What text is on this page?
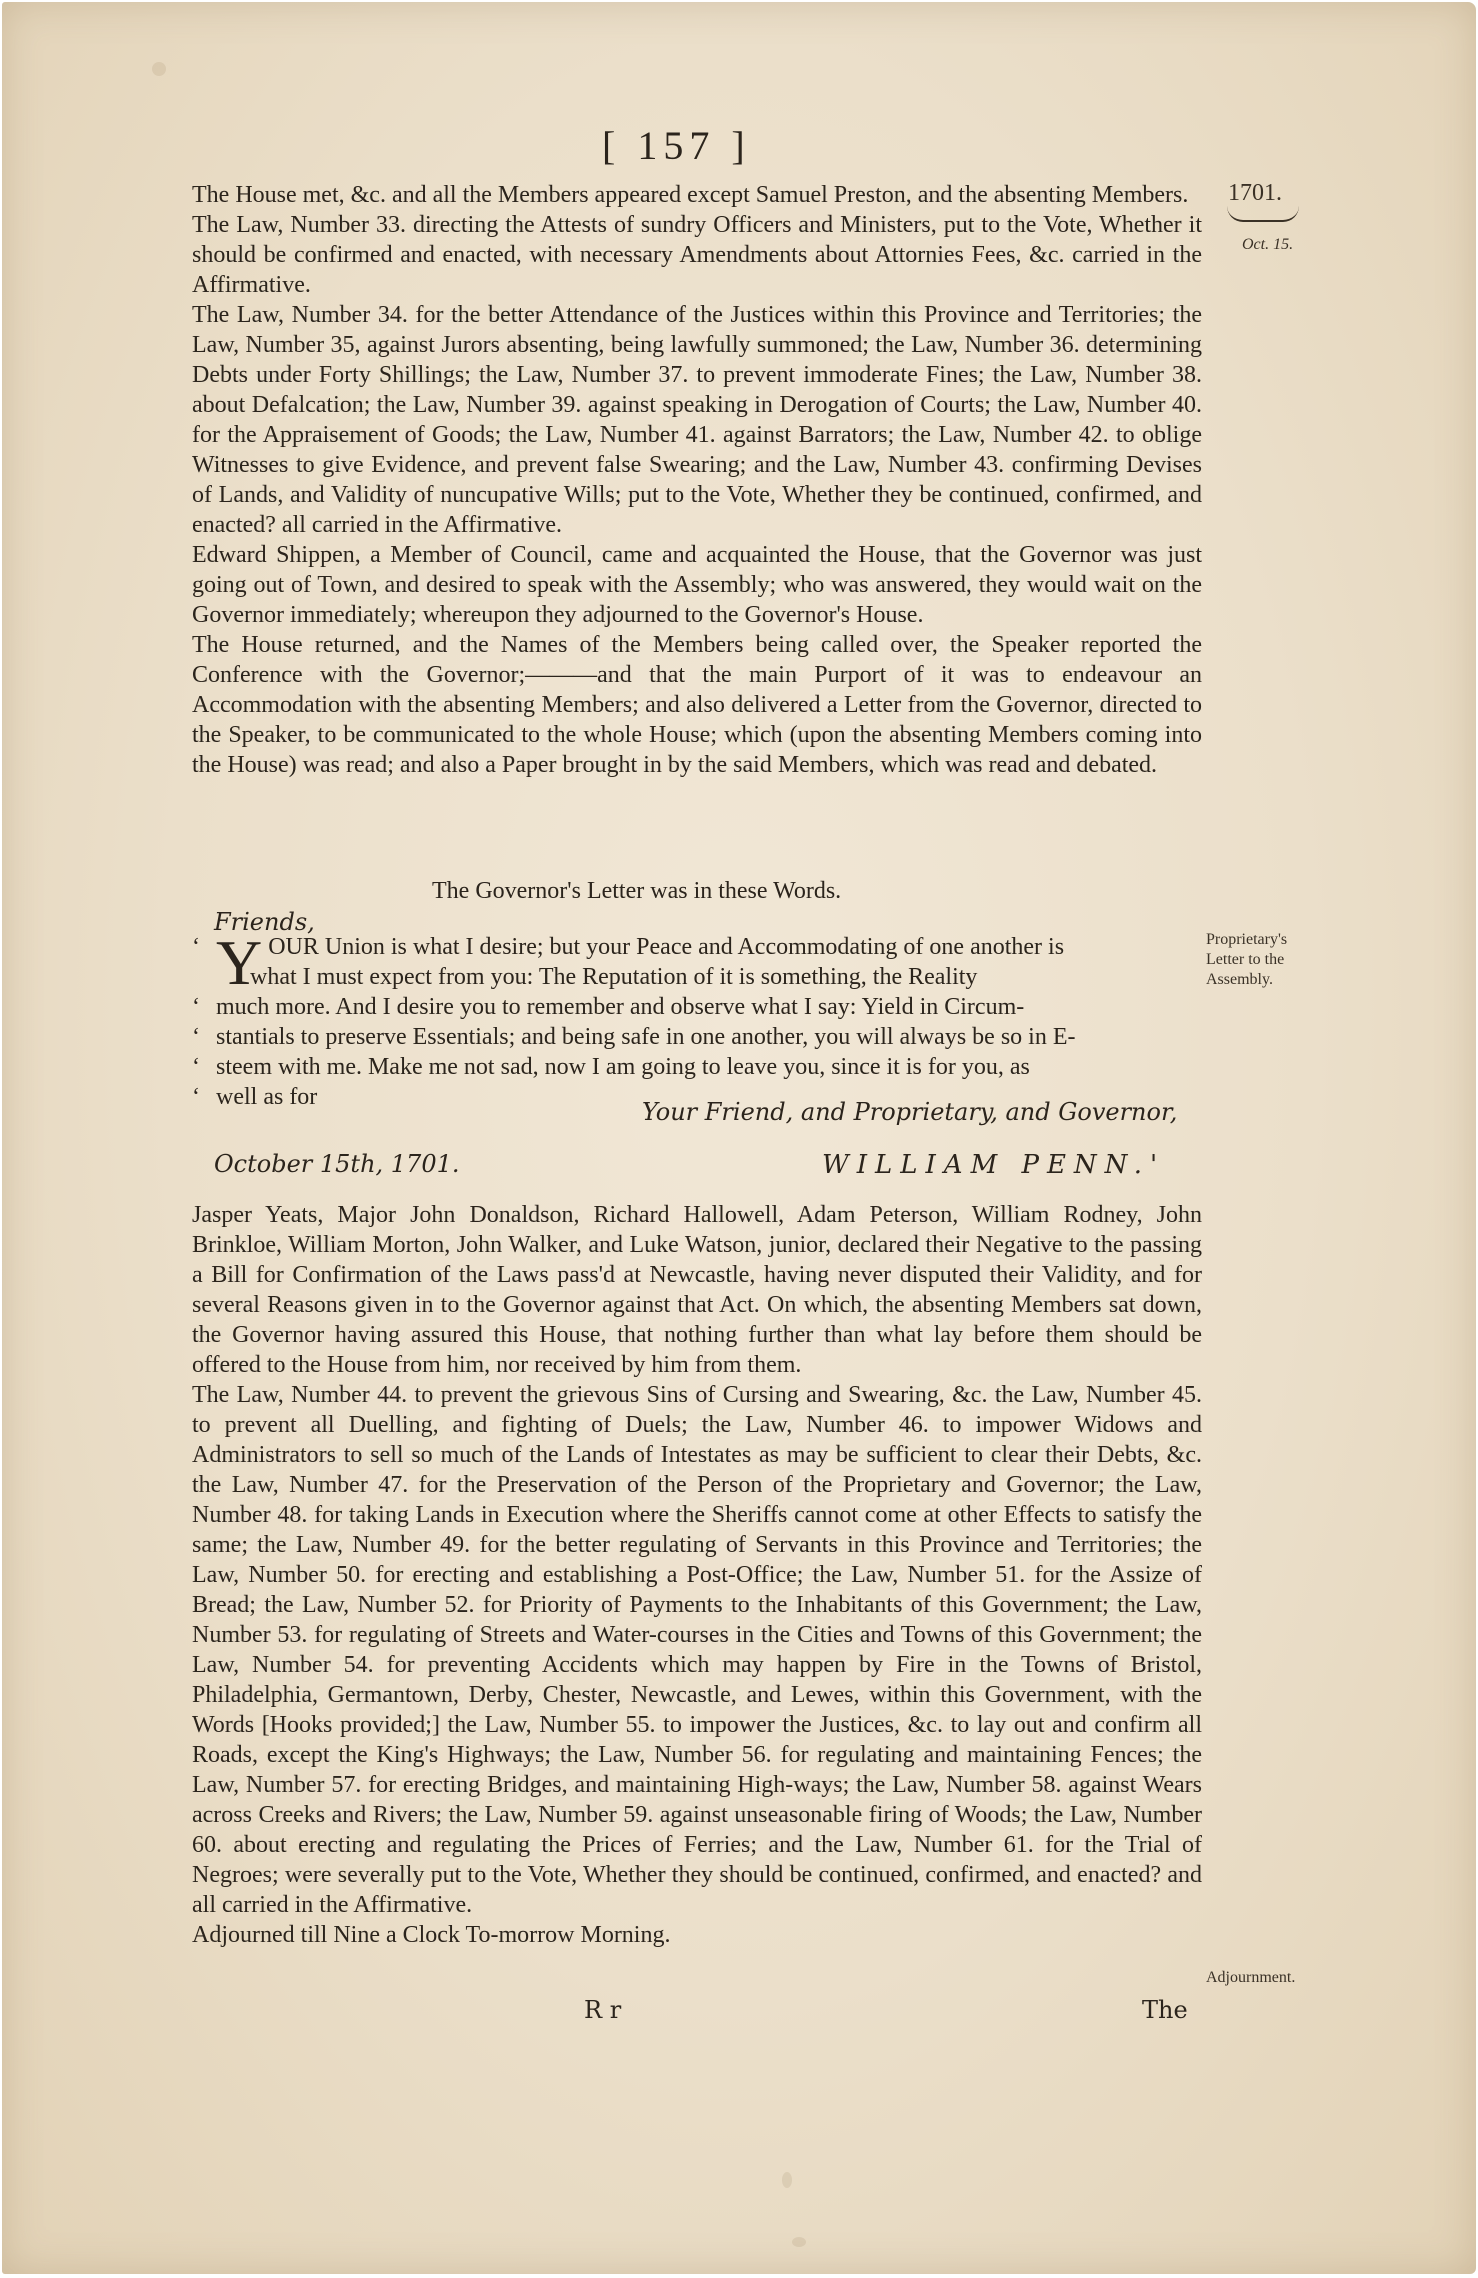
[ 157 ]
1701.
Oct. 15.

The House met, &c. and all the Members appeared except Samuel Preston, and the absenting Members.

The Law, Number 33. directing the Attests of sundry Officers and Ministers, put to the Vote, Whether it should be confirmed and enacted, with necessary Amendments about Attornies Fees, &c. carried in the Affirmative.

The Law, Number 34. for the better Attendance of the Justices within this Province and Territories; the Law, Number 35, against Jurors absenting, being lawfully summoned; the Law, Number 36. determining Debts under Forty Shillings; the Law, Number 37. to prevent immoderate Fines; the Law, Number 38. about Defalcation; the Law, Number 39. against speaking in Derogation of Courts; the Law, Number 40. for the Appraisement of Goods; the Law, Number 41. against Barrators; the Law, Number 42. to oblige Witnesses to give Evidence, and prevent false Swearing; and the Law, Number 43. confirming Devises of Lands, and Validity of nuncupative Wills; put to the Vote, Whether they be continued, confirmed, and enacted? all carried in the Affirmative.

Edward Shippen, a Member of Council, came and acquainted the House, that the Governor was just going out of Town, and desired to speak with the Assembly; who was answered, they would wait on the Governor immediately; whereupon they adjourned to the Governor's House.

The House returned, and the Names of the Members being called over, the Speaker reported the Conference with the Governor;———and that the main Purport of it was to endeavour an Accommodation with the absenting Members; and also delivered a Letter from the Governor, directed to the Speaker, to be communicated to the whole House; which (upon the absenting Members coming into the House) was read; and also a Paper brought in by the said Members, which was read and debated.

The Governor's Letter was in these Words.
Friends,
‘ Y OUR Union is what I desire; but your Peace and Accommodating of one another is
what I must expect from you: The Reputation of it is something, the Reality
‘ much more. And I desire you to remember and observe what I say: Yield in Circum-
‘ stantials to preserve Essentials; and being safe in one another, you will always be so in E-
‘ steem with me. Make me not sad, now I am going to leave you, since it is for you, as
‘ well as for
Proprietary's Letter to the Assembly.
Your Friend, and Proprietary, and Governor,
October 15th, 1701.	WILLIAM PENN.'

Jasper Yeats, Major John Donaldson, Richard Hallowell, Adam Peterson, William Rodney, John Brinkloe, William Morton, John Walker, and Luke Watson, junior, declared their Negative to the passing a Bill for Confirmation of the Laws pass'd at Newcastle, having never disputed their Validity, and for several Reasons given in to the Governor against that Act. On which, the absenting Members sat down, the Governor having assured this House, that nothing further than what lay before them should be offered to the House from him, nor received by him from them.

The Law, Number 44. to prevent the grievous Sins of Cursing and Swearing, &c. the Law, Number 45. to prevent all Duelling, and fighting of Duels; the Law, Number 46. to impower Widows and Administrators to sell so much of the Lands of Intestates as may be sufficient to clear their Debts, &c. the Law, Number 47. for the Preservation of the Person of the Proprietary and Governor; the Law, Number 48. for taking Lands in Execution where the Sheriffs cannot come at other Effects to satisfy the same; the Law, Number 49. for the better regulating of Servants in this Province and Territories; the Law, Number 50. for erecting and establishing a Post-Office; the Law, Number 51. for the Assize of Bread; the Law, Number 52. for Priority of Payments to the Inhabitants of this Government; the Law, Number 53. for regulating of Streets and Water-courses in the Cities and Towns of this Government; the Law, Number 54. for preventing Accidents which may happen by Fire in the Towns of Bristol, Philadelphia, Germantown, Derby, Chester, Newcastle, and Lewes, within this Government, with the Words [Hooks provided;] the Law, Number 55. to impower the Justices, &c. to lay out and confirm all Roads, except the King's Highways; the Law, Number 56. for regulating and maintaining Fences; the Law, Number 57. for erecting Bridges, and maintaining High-ways; the Law, Number 58. against Wears across Creeks and Rivers; the Law, Number 59. against unseasonable firing of Woods; the Law, Number 60. about erecting and regulating the Prices of Ferries; and the Law, Number 61. for the Trial of Negroes; were severally put to the Vote, Whether they should be continued, confirmed, and enacted? and all carried in the Affirmative.

Adjourned till Nine a Clock To-morrow Morning.

Adjournment.
R r	The
